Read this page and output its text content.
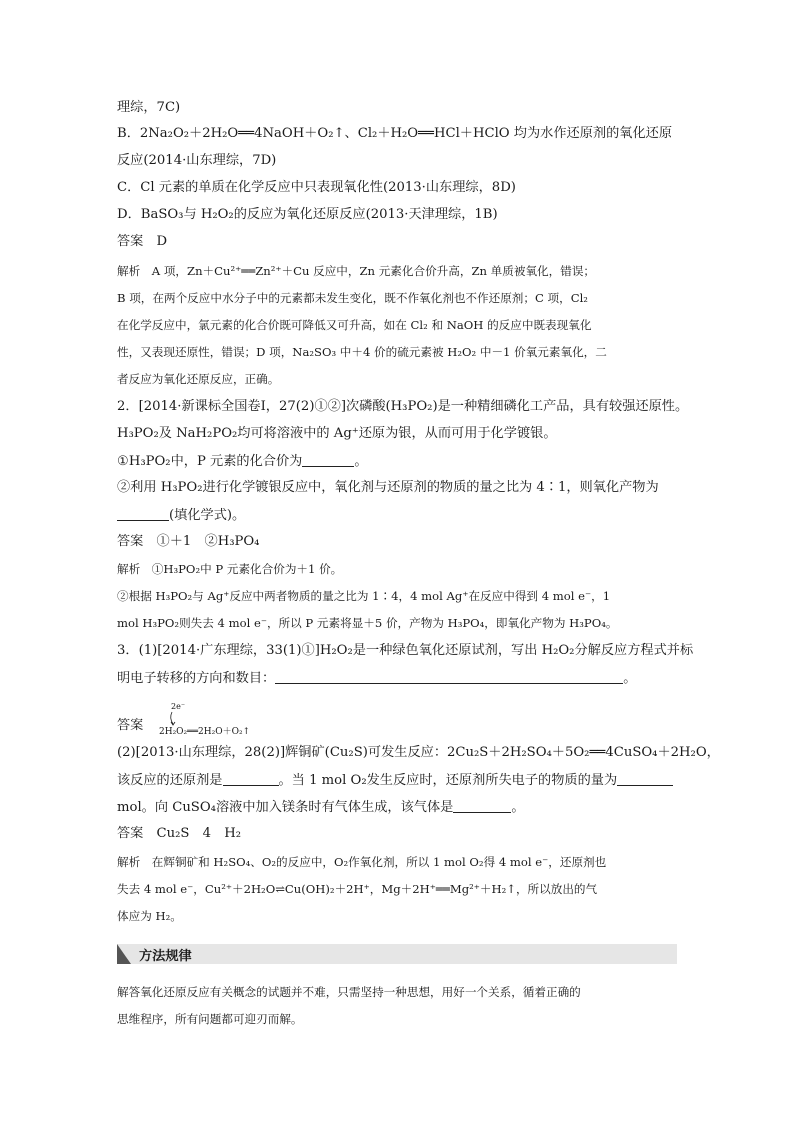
理综，7C)
B．2Na₂O₂＋2H₂O══4NaOH＋O₂↑、Cl₂＋H₂O══HCl＋HClO 均为水作还原剂的氧化还原
反应(2014·山东理综，7D)
C．Cl 元素的单质在化学反应中只表现氧化性(2013·山东理综，8D)
D．BaSO₃与 H₂O₂的反应为氧化还原反应(2013·天津理综，1B)
答案　D
解析　A 项，Zn＋Cu²⁺══Zn²⁺＋Cu 反应中，Zn 元素化合价升高，Zn 单质被氧化，错误；
B 项，在两个反应中水分子中的元素都未发生变化，既不作氧化剂也不作还原剂；C 项，Cl₂
在化学反应中，氯元素的化合价既可降低又可升高，如在 Cl₂ 和 NaOH 的反应中既表现氧化
性，又表现还原性，错误；D 项，Na₂SO₃ 中＋4 价的硫元素被 H₂O₂ 中－1 价氧元素氧化，二
者反应为氧化还原反应，正确。
2．[2014·新课标全国卷Ⅰ，27(2)①②]次磷酸(H₃PO₂)是一种精细磷化工产品，具有较强还原性。
H₃PO₂及 NaH₂PO₂均可将溶液中的 Ag⁺还原为银，从而可用于化学镀银。
①H₃PO₂中，P 元素的化合价为	。
②利用 H₃PO₂进行化学镀银反应中，氧化剂与还原剂的物质的量之比为 4∶1，则氧化产物为
(填化学式)。
答案　①＋1　②H₃PO₄
解析　①H₃PO₂中 P 元素化合价为＋1 价。
②根据 H₃PO₂与 Ag⁺反应中两者物质的量之比为 1∶4，4 mol Ag⁺在反应中得到 4 mol e⁻，1
mol H₃PO₂则失去 4 mol e⁻，所以 P 元素将显＋5 价，产物为 H₃PO₄，即氧化产物为 H₃PO₄。
3．(1)[2014·广东理综，33(1)①]H₂O₂是一种绿色氧化还原试剂，写出 H₂O₂分解反应方程式并标
明电子转移的方向和数目：	。
答案
2e⁻
2H₂O₂══2H₂O＋O₂↑
(2)[2013·山东理综，28(2)]辉铜矿(Cu₂S)可发生反应：2Cu₂S＋2H₂SO₄＋5O₂══4CuSO₄＋2H₂O，
该反应的还原剂是	。当 1 mol O₂发生反应时，还原剂所失电子的物质的量为
mol。向 CuSO₄溶液中加入镁条时有气体生成，该气体是	。
答案　Cu₂S　4　H₂
解析　在辉铜矿和 H₂SO₄、O₂的反应中，O₂作氧化剂，所以 1 mol O₂得 4 mol e⁻，还原剂也
失去 4 mol e⁻，Cu²⁺＋2H₂O⇌Cu(OH)₂＋2H⁺，Mg＋2H⁺══Mg²⁺＋H₂↑，所以放出的气
体应为 H₂。
方法规律
解答氧化还原反应有关概念的试题并不难，只需坚持一种思想，用好一个关系，循着正确的
思维程序，所有问题都可迎刃而解。
